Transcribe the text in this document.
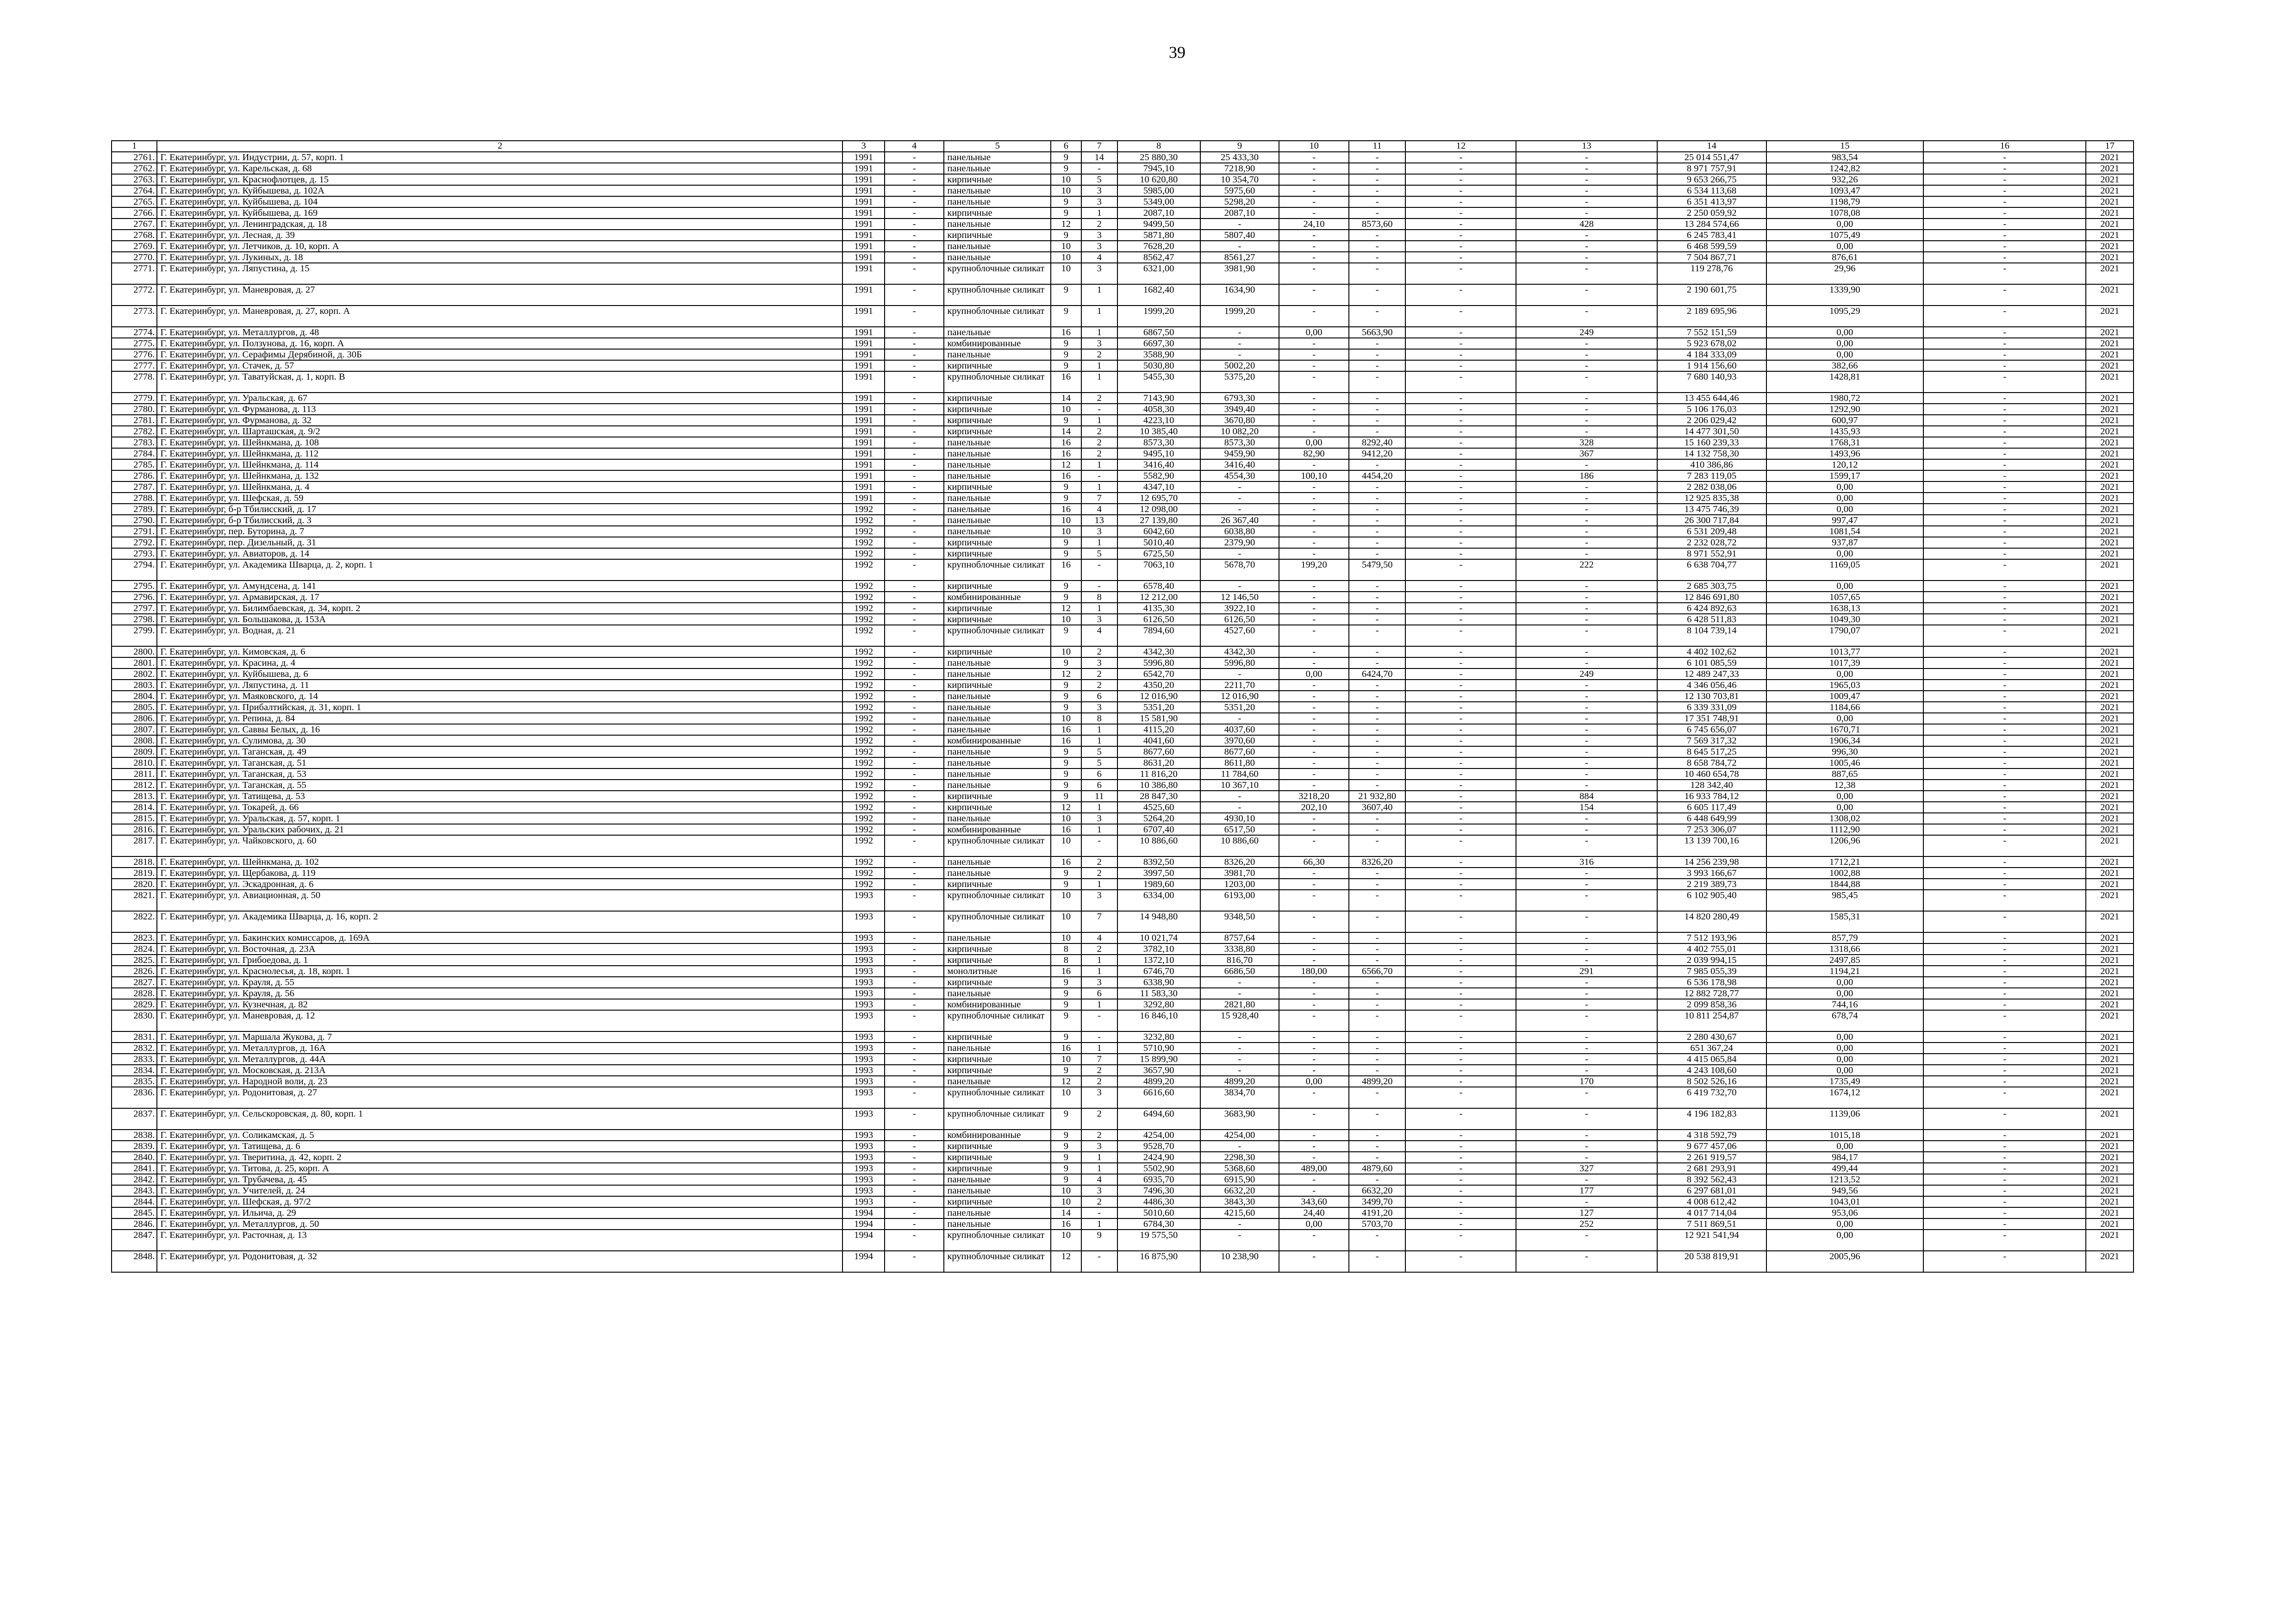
39
1	2	3	4	5	6	7	8	9	10	11	12	13	14	15	16	17
2761.	Г. Екатеринбург, ул. Индустрии, д. 57, корп. 1	1991	-	панельные	9	14	25 880,30	25 433,30	-	-	-	-	25 014 551,47	983,54	-	2021
2762.	Г. Екатеринбург, ул. Карельская, д. 68	1991	-	панельные	9	-	7945,10	7218,90	-	-	-	-	8 971 757,91	1242,82	-	2021
2763.	Г. Екатеринбург, ул. Краснофлотцев, д. 15	1991	-	кирпичные	10	5	10 620,80	10 354,70	-	-	-	-	9 653 266,75	932,26	-	2021
2764.	Г. Екатеринбург, ул. Куйбышева, д. 102А	1991	-	панельные	10	3	5985,00	5975,60	-	-	-	-	6 534 113,68	1093,47	-	2021
2765.	Г. Екатеринбург, ул. Куйбышева, д. 104	1991	-	панельные	9	3	5349,00	5298,20	-	-	-	-	6 351 413,97	1198,79	-	2021
2766.	Г. Екатеринбург, ул. Куйбышева, д. 169	1991	-	кирпичные	9	1	2087,10	2087,10	-	-	-	-	2 250 059,92	1078,08	-	2021
2767.	Г. Екатеринбург, ул. Ленинградская, д. 18	1991	-	панельные	12	2	9499,50	-	24,10	8573,60	-	428	13 284 574,66	0,00	-	2021
2768.	Г. Екатеринбург, ул. Лесная, д. 39	1991	-	кирпичные	9	3	5871,80	5807,40	-	-	-	-	6 245 783,41	1075,49	-	2021
2769.	Г. Екатеринбург, ул. Летчиков, д. 10, корп. А	1991	-	панельные	10	3	7628,20	-	-	-	-	-	6 468 599,59	0,00	-	2021
2770.	Г. Екатеринбург, ул. Лукиных, д. 18	1991	-	панельные	10	4	8562,47	8561,27	-	-	-	-	7 504 867,71	876,61	-	2021
2771.	Г. Екатеринбург, ул. Ляпустина, д. 15	1991	-	крупноблочные силикат	10	3	6321,00	3981,90	-	-	-	-	119 278,76	29,96	-	2021
2772.	Г. Екатеринбург, ул. Маневровая, д. 27	1991	-	крупноблочные силикат	9	1	1682,40	1634,90	-	-	-	-	2 190 601,75	1339,90	-	2021
2773.	Г. Екатеринбург, ул. Маневровая, д. 27, корп. А	1991	-	крупноблочные силикат	9	1	1999,20	1999,20	-	-	-	-	2 189 695,96	1095,29	-	2021
2774.	Г. Екатеринбург, ул. Металлургов, д. 48	1991	-	панельные	16	1	6867,50	-	0,00	5663,90	-	249	7 552 151,59	0,00	-	2021
2775.	Г. Екатеринбург, ул. Ползунова, д. 16, корп. А	1991	-	комбинированные	9	3	6697,30	-	-	-	-	-	5 923 678,02	0,00	-	2021
2776.	Г. Екатеринбург, ул. Серафимы Дерябиной, д. 30Б	1991	-	панельные	9	2	3588,90	-	-	-	-	-	4 184 333,09	0,00	-	2021
2777.	Г. Екатеринбург, ул. Стачек, д. 57	1991	-	кирпичные	9	1	5030,80	5002,20	-	-	-	-	1 914 156,60	382,66	-	2021
2778.	Г. Екатеринбург, ул. Таватуйская, д. 1, корп. В	1991	-	крупноблочные силикат	16	1	5455,30	5375,20	-	-	-	-	7 680 140,93	1428,81	-	2021
2779.	Г. Екатеринбург, ул. Уральская, д. 67	1991	-	кирпичные	14	2	7143,90	6793,30	-	-	-	-	13 455 644,46	1980,72	-	2021
2780.	Г. Екатеринбург, ул. Фурманова, д. 113	1991	-	кирпичные	10	-	4058,30	3949,40	-	-	-	-	5 106 176,03	1292,90	-	2021
2781.	Г. Екатеринбург, ул. Фурманова, д. 32	1991	-	кирпичные	9	1	4223,10	3670,80	-	-	-	-	2 206 029,42	600,97	-	2021
2782.	Г. Екатеринбург, ул. Шарташская, д. 9/2	1991	-	кирпичные	14	2	10 385,40	10 082,20	-	-	-	-	14 477 301,50	1435,93	-	2021
2783.	Г. Екатеринбург, ул. Шейнкмана, д. 108	1991	-	панельные	16	2	8573,30	8573,30	0,00	8292,40	-	328	15 160 239,33	1768,31	-	2021
2784.	Г. Екатеринбург, ул. Шейнкмана, д. 112	1991	-	панельные	16	2	9495,10	9459,90	82,90	9412,20	-	367	14 132 758,30	1493,96	-	2021
2785.	Г. Екатеринбург, ул. Шейнкмана, д. 114	1991	-	панельные	12	1	3416,40	3416,40	-	-	-	-	410 386,86	120,12	-	2021
2786.	Г. Екатеринбург, ул. Шейнкмана, д. 132	1991	-	панельные	16	-	5582,90	4554,30	100,10	4454,20	-	186	7 283 119,05	1599,17	-	2021
2787.	Г. Екатеринбург, ул. Шейнкмана, д. 4	1991	-	кирпичные	9	1	4347,10	-	-	-	-	-	2 282 038,06	0,00	-	2021
2788.	Г. Екатеринбург, ул. Шефская, д. 59	1991	-	панельные	9	7	12 695,70	-	-	-	-	-	12 925 835,38	0,00	-	2021
2789.	Г. Екатеринбург, б-р Тбилисский, д. 17	1992	-	панельные	16	4	12 098,00	-	-	-	-	-	13 475 746,39	0,00	-	2021
2790.	Г. Екатеринбург, б-р Тбилисский, д. 3	1992	-	панельные	10	13	27 139,80	26 367,40	-	-	-	-	26 300 717,84	997,47	-	2021
2791.	Г. Екатеринбург, пер. Буторина, д. 7	1992	-	панельные	10	3	6042,60	6038,80	-	-	-	-	6 531 209,48	1081,54	-	2021
2792.	Г. Екатеринбург, пер. Дизельный, д. 31	1992	-	кирпичные	9	1	5010,40	2379,90	-	-	-	-	2 232 028,72	937,87	-	2021
2793.	Г. Екатеринбург, ул. Авиаторов, д. 14	1992	-	кирпичные	9	5	6725,50	-	-	-	-	-	8 971 552,91	0,00	-	2021
2794.	Г. Екатеринбург, ул. Академика Шварца, д. 2, корп. 1	1992	-	крупноблочные силикат	16	-	7063,10	5678,70	199,20	5479,50	-	222	6 638 704,77	1169,05	-	2021
2795.	Г. Екатеринбург, ул. Амундсена, д. 141	1992	-	кирпичные	9	-	6578,40	-	-	-	-	-	2 685 303,75	0,00	-	2021
2796.	Г. Екатеринбург, ул. Армавирская, д. 17	1992	-	комбинированные	9	8	12 212,00	12 146,50	-	-	-	-	12 846 691,80	1057,65	-	2021
2797.	Г. Екатеринбург, ул. Билимбаевская, д. 34, корп. 2	1992	-	кирпичные	12	1	4135,30	3922,10	-	-	-	-	6 424 892,63	1638,13	-	2021
2798.	Г. Екатеринбург, ул. Большакова, д. 153А	1992	-	кирпичные	10	3	6126,50	6126,50	-	-	-	-	6 428 511,83	1049,30	-	2021
2799.	Г. Екатеринбург, ул. Водная, д. 21	1992	-	крупноблочные силикат	9	4	7894,60	4527,60	-	-	-	-	8 104 739,14	1790,07	-	2021
2800.	Г. Екатеринбург, ул. Кимовская, д. 6	1992	-	кирпичные	10	2	4342,30	4342,30	-	-	-	-	4 402 102,62	1013,77	-	2021
2801.	Г. Екатеринбург, ул. Красина, д. 4	1992	-	панельные	9	3	5996,80	5996,80	-	-	-	-	6 101 085,59	1017,39	-	2021
2802.	Г. Екатеринбург, ул. Куйбышева, д. 6	1992	-	панельные	12	2	6542,70	-	0,00	6424,70	-	249	12 489 247,33	0,00	-	2021
2803.	Г. Екатеринбург, ул. Ляпустина, д. 11	1992	-	кирпичные	9	2	4350,20	2211,70	-	-	-	-	4 346 056,46	1965,03	-	2021
2804.	Г. Екатеринбург, ул. Маяковского, д. 14	1992	-	панельные	9	6	12 016,90	12 016,90	-	-	-	-	12 130 703,81	1009,47	-	2021
2805.	Г. Екатеринбург, ул. Прибалтийская, д. 31, корп. 1	1992	-	панельные	9	3	5351,20	5351,20	-	-	-	-	6 339 331,09	1184,66	-	2021
2806.	Г. Екатеринбург, ул. Репина, д. 84	1992	-	панельные	10	8	15 581,90	-	-	-	-	-	17 351 748,91	0,00	-	2021
2807.	Г. Екатеринбург, ул. Саввы Белых, д. 16	1992	-	панельные	16	1	4115,20	4037,60	-	-	-	-	6 745 656,07	1670,71	-	2021
2808.	Г. Екатеринбург, ул. Сулимова, д. 30	1992	-	комбинированные	16	1	4041,60	3970,60	-	-	-	-	7 569 317,32	1906,34	-	2021
2809.	Г. Екатеринбург, ул. Таганская, д. 49	1992	-	панельные	9	5	8677,60	8677,60	-	-	-	-	8 645 517,25	996,30	-	2021
2810.	Г. Екатеринбург, ул. Таганская, д. 51	1992	-	панельные	9	5	8631,20	8611,80	-	-	-	-	8 658 784,72	1005,46	-	2021
2811.	Г. Екатеринбург, ул. Таганская, д. 53	1992	-	панельные	9	6	11 816,20	11 784,60	-	-	-	-	10 460 654,78	887,65	-	2021
2812.	Г. Екатеринбург, ул. Таганская, д. 55	1992	-	панельные	9	6	10 386,80	10 367,10	-	-	-	-	128 342,40	12,38	-	2021
2813.	Г. Екатеринбург, ул. Татищева, д. 53	1992	-	кирпичные	9	11	28 847,30	-	3218,20	21 932,80	-	884	16 933 784,12	0,00	-	2021
2814.	Г. Екатеринбург, ул. Токарей, д. 66	1992	-	кирпичные	12	1	4525,60	-	202,10	3607,40	-	154	6 605 117,49	0,00	-	2021
2815.	Г. Екатеринбург, ул. Уральская, д. 57, корп. 1	1992	-	панельные	10	3	5264,20	4930,10	-	-	-	-	6 448 649,99	1308,02	-	2021
2816.	Г. Екатеринбург, ул. Уральских рабочих, д. 21	1992	-	комбинированные	16	1	6707,40	6517,50	-	-	-	-	7 253 306,07	1112,90	-	2021
2817.	Г. Екатеринбург, ул. Чайковского, д. 60	1992	-	крупноблочные силикат	10	-	10 886,60	10 886,60	-	-	-	-	13 139 700,16	1206,96	-	2021
2818.	Г. Екатеринбург, ул. Шейнкмана, д. 102	1992	-	панельные	16	2	8392,50	8326,20	66,30	8326,20	-	316	14 256 239,98	1712,21	-	2021
2819.	Г. Екатеринбург, ул. Щербакова, д. 119	1992	-	панельные	9	2	3997,50	3981,70	-	-	-	-	3 993 166,67	1002,88	-	2021
2820.	Г. Екатеринбург, ул. Эскадронная, д. 6	1992	-	кирпичные	9	1	1989,60	1203,00	-	-	-	-	2 219 389,73	1844,88	-	2021
2821.	Г. Екатеринбург, ул. Авиационная, д. 50	1993	-	крупноблочные силикат	10	3	6334,00	6193,00	-	-	-	-	6 102 905,40	985,45	-	2021
2822.	Г. Екатеринбург, ул. Академика Шварца, д. 16, корп. 2	1993	-	крупноблочные силикат	10	7	14 948,80	9348,50	-	-	-	-	14 820 280,49	1585,31	-	2021
2823.	Г. Екатеринбург, ул. Бакинских комиссаров, д. 169А	1993	-	панельные	10	4	10 021,74	8757,64	-	-	-	-	7 512 193,96	857,79	-	2021
2824.	Г. Екатеринбург, ул. Восточная, д. 23А	1993	-	кирпичные	8	2	3782,10	3338,80	-	-	-	-	4 402 755,01	1318,66	-	2021
2825.	Г. Екатеринбург, ул. Грибоедова, д. 1	1993	-	кирпичные	8	1	1372,10	816,70	-	-	-	-	2 039 994,15	2497,85	-	2021
2826.	Г. Екатеринбург, ул. Краснолесья, д. 18, корп. 1	1993	-	монолитные	16	1	6746,70	6686,50	180,00	6566,70	-	291	7 985 055,39	1194,21	-	2021
2827.	Г. Екатеринбург, ул. Крауля, д. 55	1993	-	кирпичные	9	3	6338,90	-	-	-	-	-	6 536 178,98	0,00	-	2021
2828.	Г. Екатеринбург, ул. Крауля, д. 56	1993	-	панельные	9	6	11 583,30	-	-	-	-	-	12 882 728,77	0,00	-	2021
2829.	Г. Екатеринбург, ул. Кузнечная, д. 82	1993	-	комбинированные	9	1	3292,80	2821,80	-	-	-	-	2 099 858,36	744,16	-	2021
2830.	Г. Екатеринбург, ул. Маневровая, д. 12	1993	-	крупноблочные силикат	9	-	16 846,10	15 928,40	-	-	-	-	10 811 254,87	678,74	-	2021
2831.	Г. Екатеринбург, ул. Маршала Жукова, д. 7	1993	-	кирпичные	9	-	3232,80	-	-	-	-	-	2 280 430,67	0,00	-	2021
2832.	Г. Екатеринбург, ул. Металлургов, д. 16А	1993	-	панельные	16	1	5710,90	-	-	-	-	-	651 367,24	0,00	-	2021
2833.	Г. Екатеринбург, ул. Металлургов, д. 44А	1993	-	кирпичные	10	7	15 899,90	-	-	-	-	-	4 415 065,84	0,00	-	2021
2834.	Г. Екатеринбург, ул. Московская, д. 213А	1993	-	кирпичные	9	2	3657,90	-	-	-	-	-	4 243 108,60	0,00	-	2021
2835.	Г. Екатеринбург, ул. Народной воли, д. 23	1993	-	панельные	12	2	4899,20	4899,20	0,00	4899,20	-	170	8 502 526,16	1735,49	-	2021
2836.	Г. Екатеринбург, ул. Родонитовая, д. 27	1993	-	крупноблочные силикат	10	3	6616,60	3834,70	-	-	-	-	6 419 732,70	1674,12	-	2021
2837.	Г. Екатеринбург, ул. Сельскоровская, д. 80, корп. 1	1993	-	крупноблочные силикат	9	2	6494,60	3683,90	-	-	-	-	4 196 182,83	1139,06	-	2021
2838.	Г. Екатеринбург, ул. Соликамская, д. 5	1993	-	комбинированные	9	2	4254,00	4254,00	-	-	-	-	4 318 592,79	1015,18	-	2021
2839.	Г. Екатеринбург, ул. Татищева, д. 6	1993	-	кирпичные	9	3	9528,70	-	-	-	-	-	9 677 457,06	0,00	-	2021
2840.	Г. Екатеринбург, ул. Тверитина, д. 42, корп. 2	1993	-	кирпичные	9	1	2424,90	2298,30	-	-	-	-	2 261 919,57	984,17	-	2021
2841.	Г. Екатеринбург, ул. Титова, д. 25, корп. А	1993	-	кирпичные	9	1	5502,90	5368,60	489,00	4879,60	-	327	2 681 293,91	499,44	-	2021
2842.	Г. Екатеринбург, ул. Трубачева, д. 45	1993	-	панельные	9	4	6935,70	6915,90	-	-	-	-	8 392 562,43	1213,52	-	2021
2843.	Г. Екатеринбург, ул. Учителей, д. 24	1993	-	панельные	10	3	7496,30	6632,20	-	6632,20	-	177	6 297 681,01	949,56	-	2021
2844.	Г. Екатеринбург, ул. Шефская, д. 97/2	1993	-	кирпичные	10	2	4486,30	3843,30	343,60	3499,70	-	-	4 008 612,42	1043,01	-	2021
2845.	Г. Екатеринбург, ул. Ильича, д. 29	1994	-	панельные	14	-	5010,60	4215,60	24,40	4191,20	-	127	4 017 714,04	953,06	-	2021
2846.	Г. Екатеринбург, ул. Металлургов, д. 50	1994	-	панельные	16	1	6784,30	-	0,00	5703,70	-	252	7 511 869,51	0,00	-	2021
2847.	Г. Екатеринбург, ул. Расточная, д. 13	1994	-	крупноблочные силикат	10	9	19 575,50	-	-	-	-	-	12 921 541,94	0,00	-	2021
2848.	Г. Екатеринбург, ул. Родонитовая, д. 32	1994	-	крупноблочные силикат	12	-	16 875,90	10 238,90	-	-	-	-	20 538 819,91	2005,96	-	2021
